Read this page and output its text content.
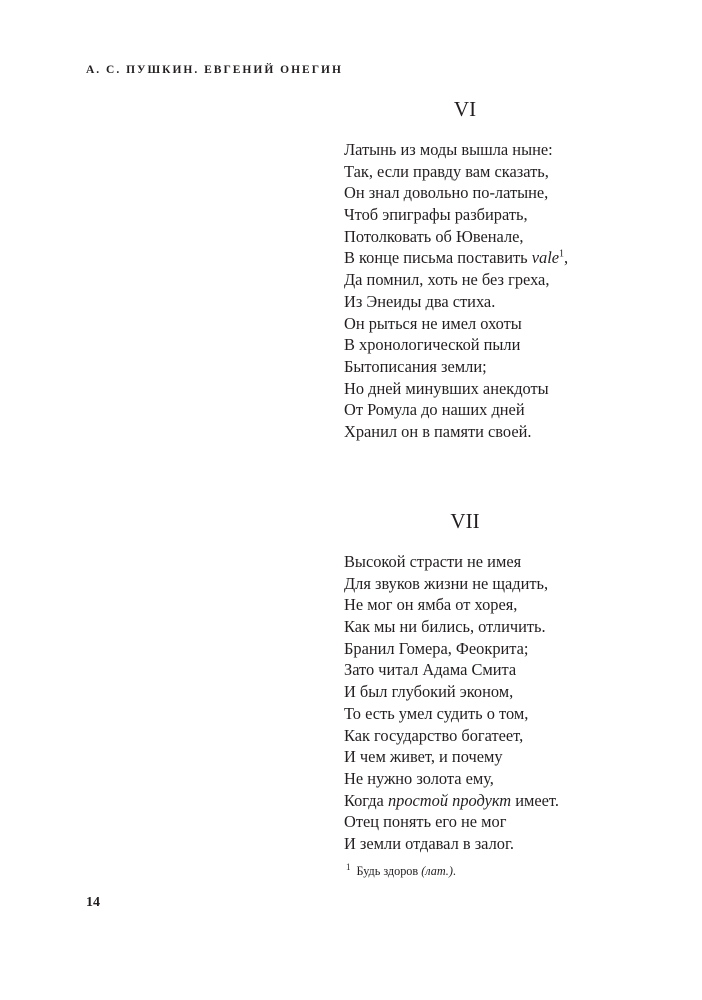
А. С. ПУШКИН. ЕВГЕНИЙ ОНЕГИН
VI
Латынь из моды вышла ныне:
Так, если правду вам сказать,
Он знал довольно по-латыне,
Чтоб эпиграфы разбирать,
Потолковать об Ювенале,
В конце письма поставить vale$^1$,
Да помнил, хоть не без греха,
Из Энеиды два стиха.
Он рыться не имел охоты
В хронологической пыли
Бытописания земли;
Но дней минувших анекдоты
От Ромула до наших дней
Хранил он в памяти своей.
VII
Высокой страсти не имея
Для звуков жизни не щадить,
Не мог он ямба от хорея,
Как мы ни бились, отличить.
Бранил Гомера, Феокрита;
Зато читал Адама Смита
И был глубокий эконом,
То есть умел судить о том,
Как государство богатеет,
И чем живет, и почему
Не нужно золота ему,
Когда простой продукт имеет.
Отец понять его не мог
И земли отдавал в залог.
$^1$ Будь здоров (лат.).
14
